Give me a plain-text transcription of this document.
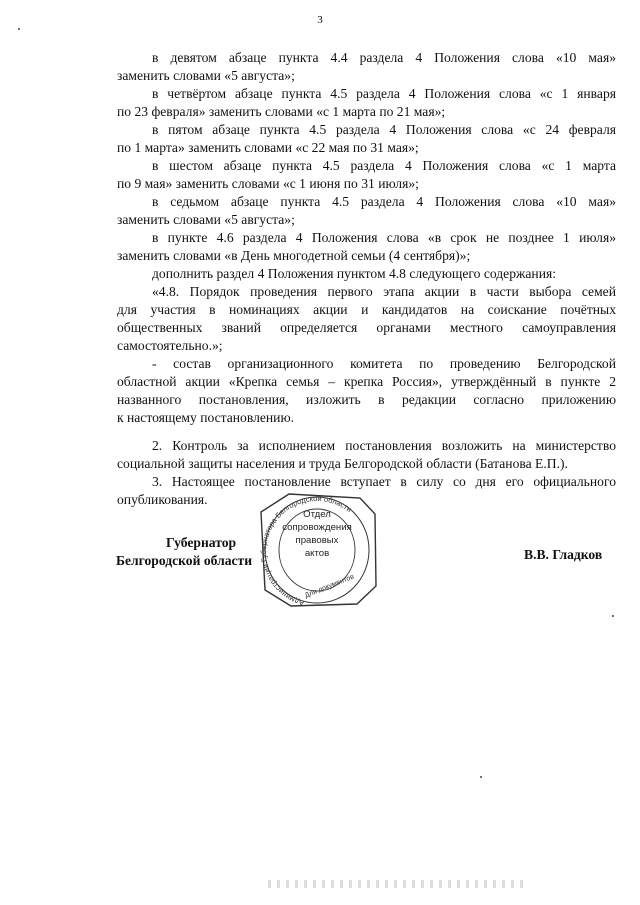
3
в девятом абзаце пункта 4.4 раздела 4 Положения слова «10 мая»
заменить словами «5 августа»;
в четвёртом абзаце пункта 4.5 раздела 4 Положения слова «с 1 января
по 23 февраля» заменить словами «с 1 марта по 21 мая»;
в пятом абзаце пункта 4.5 раздела 4 Положения слова «с 24 февраля
по 1 марта» заменить словами «с 22 мая по 31 мая»;
в шестом абзаце пункта 4.5 раздела 4 Положения слова «с 1 марта
по 9 мая» заменить словами «с 1 июня по 31 июля»;
в седьмом абзаце пункта 4.5 раздела 4 Положения слова «10 мая»
заменить словами «5 августа»;
в пункте 4.6 раздела 4 Положения слова «в срок не позднее 1 июля»
заменить словами «в День многодетной семьи (4 сентября)»;
дополнить раздел 4 Положения пунктом 4.8 следующего содержания:
«4.8. Порядок проведения первого этапа акции в части выбора семей
для участия в номинациях акции и кандидатов на соискание почётных
общественных званий определяется органами местного самоуправления
самостоятельно.»;
- состав организационного комитета по проведению Белгородской
областной акции «Крепка семья – крепка Россия», утверждённый в пункте 2
названного постановления, изложить в редакции согласно приложению
к настоящему постановлению.
2. Контроль за исполнением постановления возложить на министерство
социальной защиты населения и труда Белгородской области (Батанова Е.П.).
3. Настоящее постановление вступает в силу со дня его официального
опубликования.
Губернатор
Белгородской области	В.В. Гладков
Администрация Губернатора Белгородской области
Для документов
Отдел
сопровождения
правовых
актов
